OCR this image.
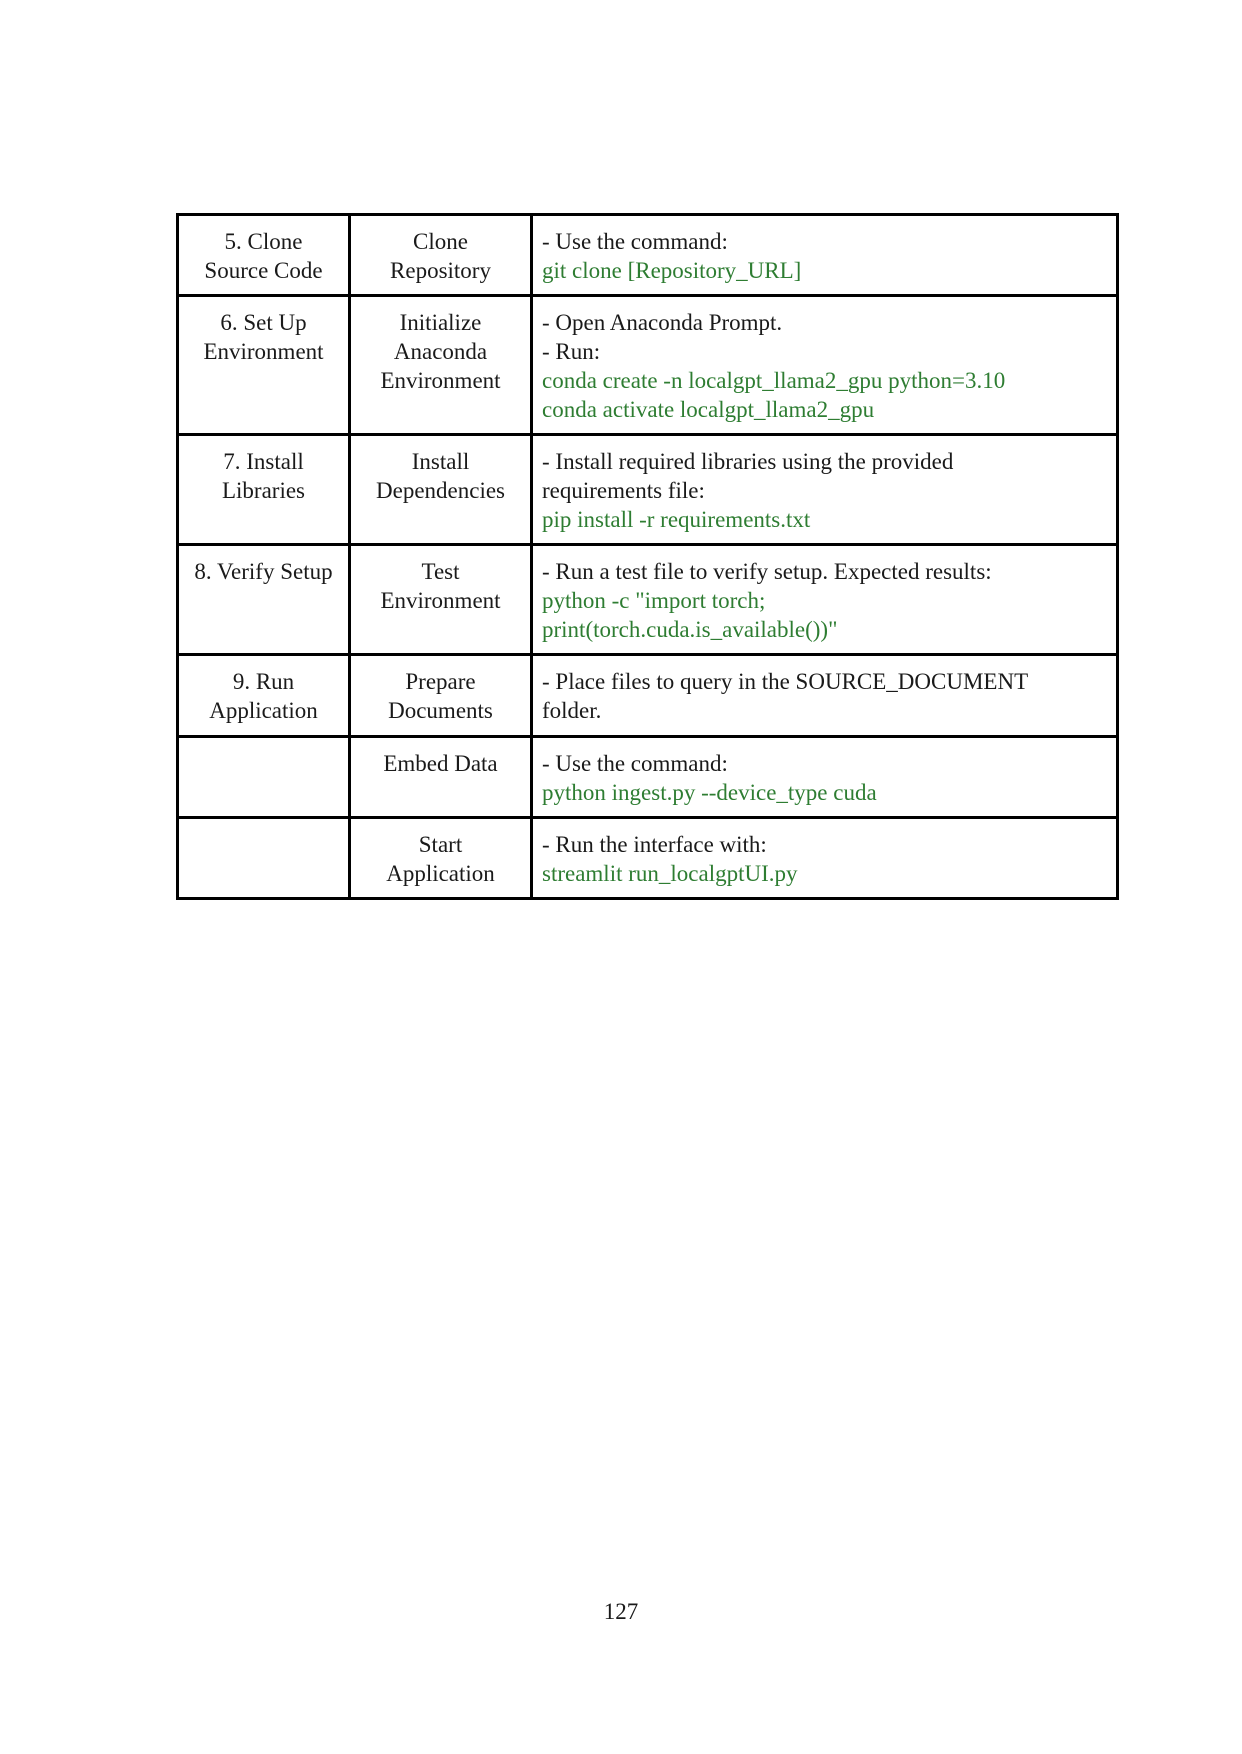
5. Clone
Source Code	Clone
Repository	- Use the command:
git clone [Repository_URL]

6. Set Up
Environment	Initialize
Anaconda
Environment	- Open Anaconda Prompt.
- Run:
conda create -n localgpt_llama2_gpu python=3.10
conda activate localgpt_llama2_gpu

7. Install
Libraries	Install
Dependencies	- Install required libraries using the provided
requirements file:
pip install -r requirements.txt

8. Verify Setup	Test
Environment	- Run a test file to verify setup. Expected results:
python -c "import torch;
print(torch.cuda.is_available())"

9. Run
Application	Prepare
Documents	- Place files to query in the SOURCE_DOCUMENT
folder.

	Embed Data	- Use the command:
python ingest.py --device_type cuda

	Start
Application	- Run the interface with:
streamlit run_localgptUI.py
127
